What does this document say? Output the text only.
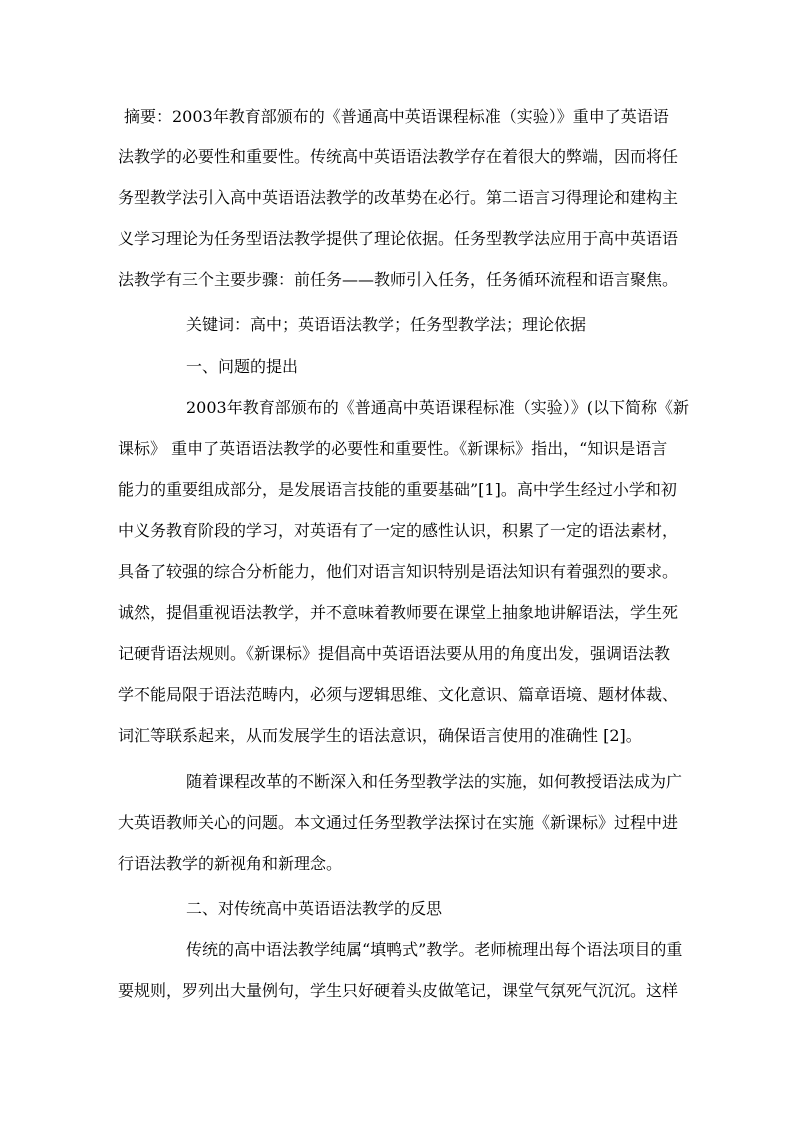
摘要：2003年教育部颁布的《普通高中英语课程标准（实验）》重申了英语语
法教学的必要性和重要性。传统高中英语语法教学存在着很大的弊端，因而将任
务型教学法引入高中英语语法教学的改革势在必行。第二语言习得理论和建构主
义学习理论为任务型语法教学提供了理论依据。任务型教学法应用于高中英语语
法教学有三个主要步骤：前任务——教师引入任务，任务循环流程和语言聚焦。
关键词：高中；英语语法教学；任务型教学法；理论依据
一、问题的提出
2003年教育部颁布的《普通高中英语课程标准（实验）》(以下简称《新
课标》 重申了英语语法教学的必要性和重要性。《新课标》指出，“知识是语言
能力的重要组成部分，是发展语言技能的重要基础”[1]。高中学生经过小学和初
中义务教育阶段的学习，对英语有了一定的感性认识，积累了一定的语法素材，
具备了较强的综合分析能力，他们对语言知识特别是语法知识有着强烈的要求。
诚然，提倡重视语法教学，并不意味着教师要在课堂上抽象地讲解语法，学生死
记硬背语法规则。《新课标》提倡高中英语语法要从用的角度出发，强调语法教
学不能局限于语法范畴内，必须与逻辑思维、文化意识、篇章语境、题材体裁、
词汇等联系起来，从而发展学生的语法意识，确保语言使用的准确性 [2]。
随着课程改革的不断深入和任务型教学法的实施，如何教授语法成为广
大英语教师关心的问题。本文通过任务型教学法探讨在实施《新课标》过程中进
行语法教学的新视角和新理念。
二、对传统高中英语语法教学的反思
传统的高中语法教学纯属“填鸭式”教学。老师梳理出每个语法项目的重
要规则，罗列出大量例句，学生只好硬着头皮做笔记，课堂气氛死气沉沉。这样
